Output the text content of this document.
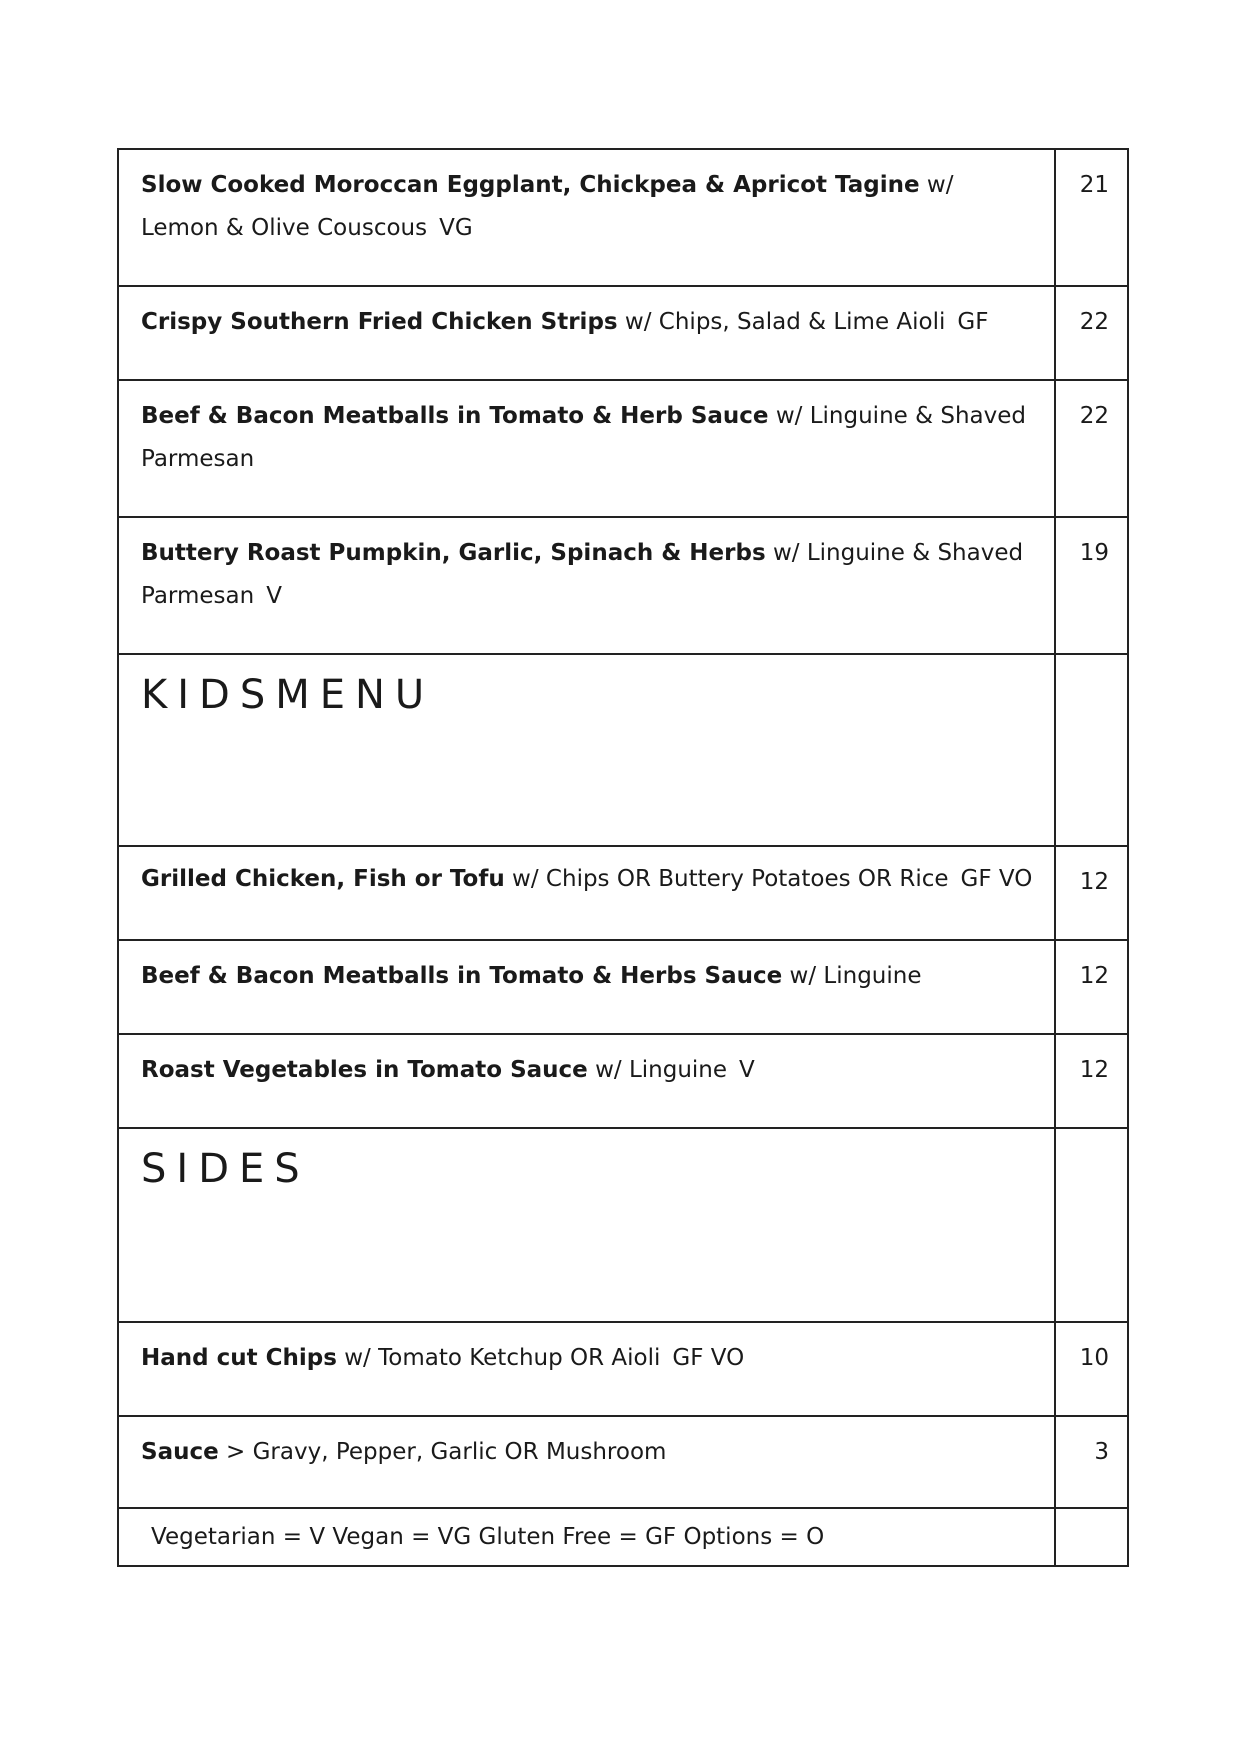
Slow Cooked Moroccan Eggplant, Chickpea & Apricot Tagine w/ Lemon & Olive Couscous VG	21
Crispy Southern Fried Chicken Strips w/ Chips, Salad & Lime Aioli GF	22
Beef & Bacon Meatballs in Tomato & Herb Sauce w/ Linguine & Shaved Parmesan	22
Buttery Roast Pumpkin, Garlic, Spinach & Herbs w/ Linguine & Shaved Parmesan V	19
KIDSMENU	
Grilled Chicken, Fish or Tofu w/ Chips OR Buttery Potatoes OR Rice GF VO	12
Beef & Bacon Meatballs in Tomato & Herbs Sauce w/ Linguine	12
Roast Vegetables in Tomato Sauce w/ Linguine V	12
SIDES	
Hand cut Chips w/ Tomato Ketchup OR Aioli GF VO	10
Sauce > Gravy, Pepper, Garlic OR Mushroom	3
Vegetarian = V Vegan = VG Gluten Free = GF Options = O	
